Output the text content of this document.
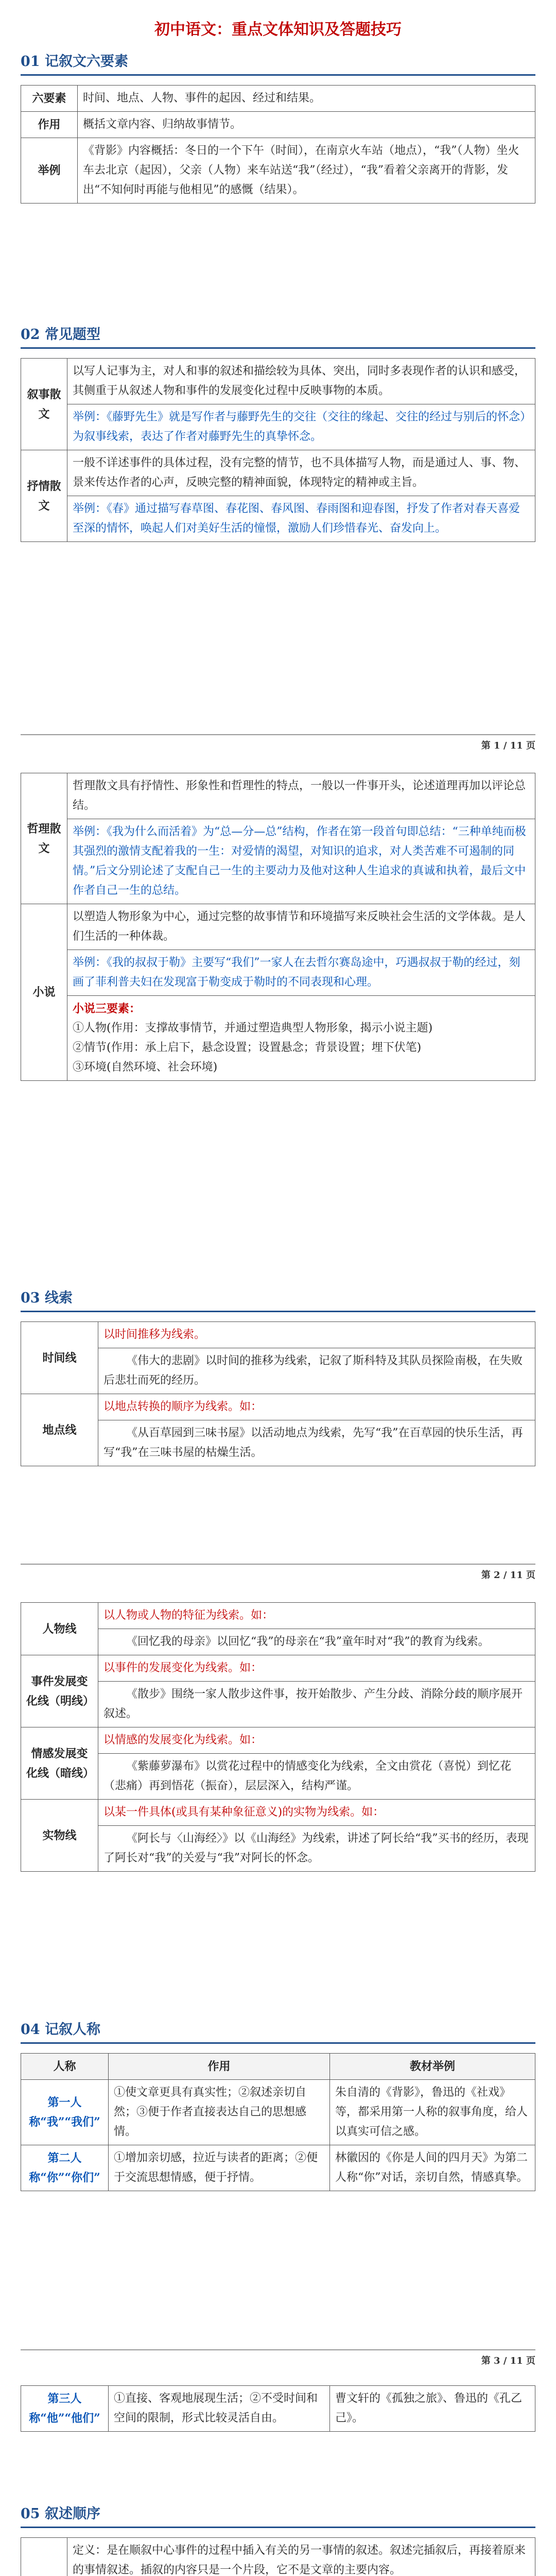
初中语文：重点文体知识及答题技巧
01 记叙文六要素
六要素	时间、地点、人物、事件的起因、经过和结果。
作用	概括文章内容、归纳故事情节。
举例	《背影》内容概括：冬日的一个下午（时间），在南京火车站（地点），“我”（人物）坐火车去北京（起因），父亲（人物）来车站送“我”（经过），“我”看着父亲离开的背影，发出“不知何时再能与他相见”的感慨（结果）。
02 常见题型
叙事散文	以写人记事为主，对人和事的叙述和描绘较为具体、突出，同时多表现作者的认识和感受，其侧重于从叙述人物和事件的发展变化过程中反映事物的本质。
	举例：《藤野先生》就是写作者与藤野先生的交往（交往的缘起、交往的经过与别后的怀念）为叙事线索，表达了作者对藤野先生的真挚怀念。
抒情散文	一般不详述事件的具体过程，没有完整的情节，也不具体描写人物，而是通过人、事、物、景来传达作者的心声，反映完整的精神面貌，体现特定的精神或主旨。
	举例：《春》通过描写春草图、春花图、春风图、春雨图和迎春图，抒发了作者对春天喜爱至深的情怀，唤起人们对美好生活的憧憬，激励人们珍惜春光、奋发向上。
第 1 / 11 页
哲理散文	哲理散文具有抒情性、形象性和哲理性的特点，一般以一件事开头，论述道理再加以评论总结。
	举例：《我为什么而活着》为“总—分—总”结构，作者在第一段首句即总结：“三种单纯而极其强烈的激情支配着我的一生：对爱情的渴望，对知识的追求，对人类苦难不可遏制的同情。”后文分别论述了支配自己一生的主要动力及他对这种人生追求的真诚和执着，最后文中作者自己一生的总结。
小说	以塑造人物形象为中心，通过完整的故事情节和环境描写来反映社会生活的文学体裁。是人们生活的一种体裁。
	举例：《我的叔叔于勒》主要写“我们”一家人在去哲尔赛岛途中，巧遇叔叔于勒的经过，刻画了菲利普夫妇在发现富于勒变成于勒时的不同表现和心理。

	小说三要素：
①人物(作用：支撑故事情节，并通过塑造典型人物形象，揭示小说主题)
②情节(作用：承上启下，悬念设置；设置悬念；背景设置；埋下伏笔)
③环境(自然环境、社会环境)
03 线索
时间线	以时间推移为线索。
	《伟大的悲剧》以时间的推移为线索，记叙了斯科特及其队员探险南极，在失败后悲壮而死的经历。
地点线	以地点转换的顺序为线索。如：
	《从百草园到三味书屋》以活动地点为线索，先写“我”在百草园的快乐生活，再写“我”在三味书屋的枯燥生活。
第 2 / 11 页
人物线	以人物或人物的特征为线索。如：
	《回忆我的母亲》以回忆“我”的母亲在“我”童年时对“我”的教育为线索。
事件发展变化线（明线）	以事件的发展变化为线索。如：
	《散步》围绕一家人散步这件事，按开始散步、产生分歧、消除分歧的顺序展开叙述。
情感发展变化线（暗线）	以情感的发展变化为线索。如：
	《紫藤萝瀑布》以赏花过程中的情感变化为线索，全文由赏花（喜悦）到忆花（悲痛）再到悟花（振奋），层层深入，结构严谨。
实物线	以某一件具体(或具有某种象征意义)的实物为线索。如：
	《阿长与〈山海经〉》以《山海经》为线索，讲述了阿长给“我”买书的经历，表现了阿长对“我”的关爱与“我”对阿长的怀念。
04 记叙人称
人称	作用	教材举例
第一人称“我”“我们”	①使文章更具有真实性；②叙述亲切自然；③便于作者直接表达自己的思想感情。	朱自清的《背影》，鲁迅的《社戏》等，都采用第一人称的叙事角度，给人以真实可信之感。
第二人称“你”“你们”	①增加亲切感，拉近与读者的距离；②便于交流思想情感，便于抒情。	林徽因的《你是人间的四月天》为第二人称“你”对话，亲切自然，情感真挚。
第 3 / 11 页
第三人称“他”“他们”	①直接、客观地展现生活；②不受时间和空间的限制，形式比较灵活自由。	曹文轩的《孤独之旅》、鲁迅的《孔乙己》。
05 叙述顺序

定义：是在顺叙中心事件的过程中插入有关的另一事情的叙述。叙述完插叙后，再接着原来的事情叙述。插叙的内容只是一个片段，它不是文章的主要内容。
